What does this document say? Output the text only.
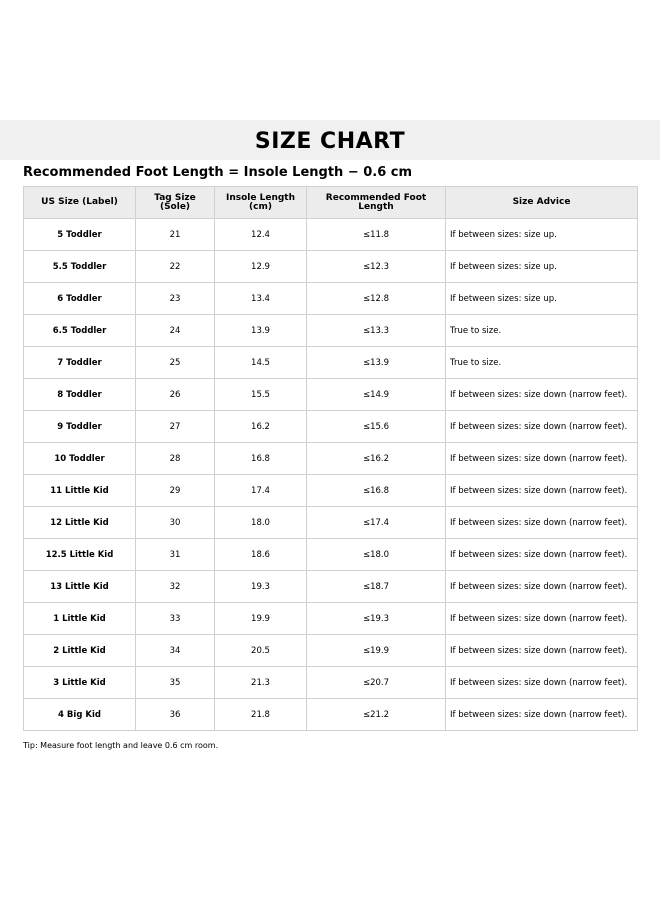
SIZE CHART

Recommended Foot Length = Insole Length − 0.6 cm

US Size (Label)	Tag Size (Sole)	Insole Length (cm)	Recommended Foot Length	Size Advice
5 Toddler	21	12.4	≤11.8	If between sizes: size up.
5.5 Toddler	22	12.9	≤12.3	If between sizes: size up.
6 Toddler	23	13.4	≤12.8	If between sizes: size up.
6.5 Toddler	24	13.9	≤13.3	True to size.
7 Toddler	25	14.5	≤13.9	True to size.
8 Toddler	26	15.5	≤14.9	If between sizes: size down (narrow feet).
9 Toddler	27	16.2	≤15.6	If between sizes: size down (narrow feet).
10 Toddler	28	16.8	≤16.2	If between sizes: size down (narrow feet).
11 Little Kid	29	17.4	≤16.8	If between sizes: size down (narrow feet).
12 Little Kid	30	18.0	≤17.4	If between sizes: size down (narrow feet).
12.5 Little Kid	31	18.6	≤18.0	If between sizes: size down (narrow feet).
13 Little Kid	32	19.3	≤18.7	If between sizes: size down (narrow feet).
1 Little Kid	33	19.9	≤19.3	If between sizes: size down (narrow feet).
2 Little Kid	34	20.5	≤19.9	If between sizes: size down (narrow feet).
3 Little Kid	35	21.3	≤20.7	If between sizes: size down (narrow feet).
4 Big Kid	36	21.8	≤21.2	If between sizes: size down (narrow feet).

Tip: Measure foot length and leave 0.6 cm room.
